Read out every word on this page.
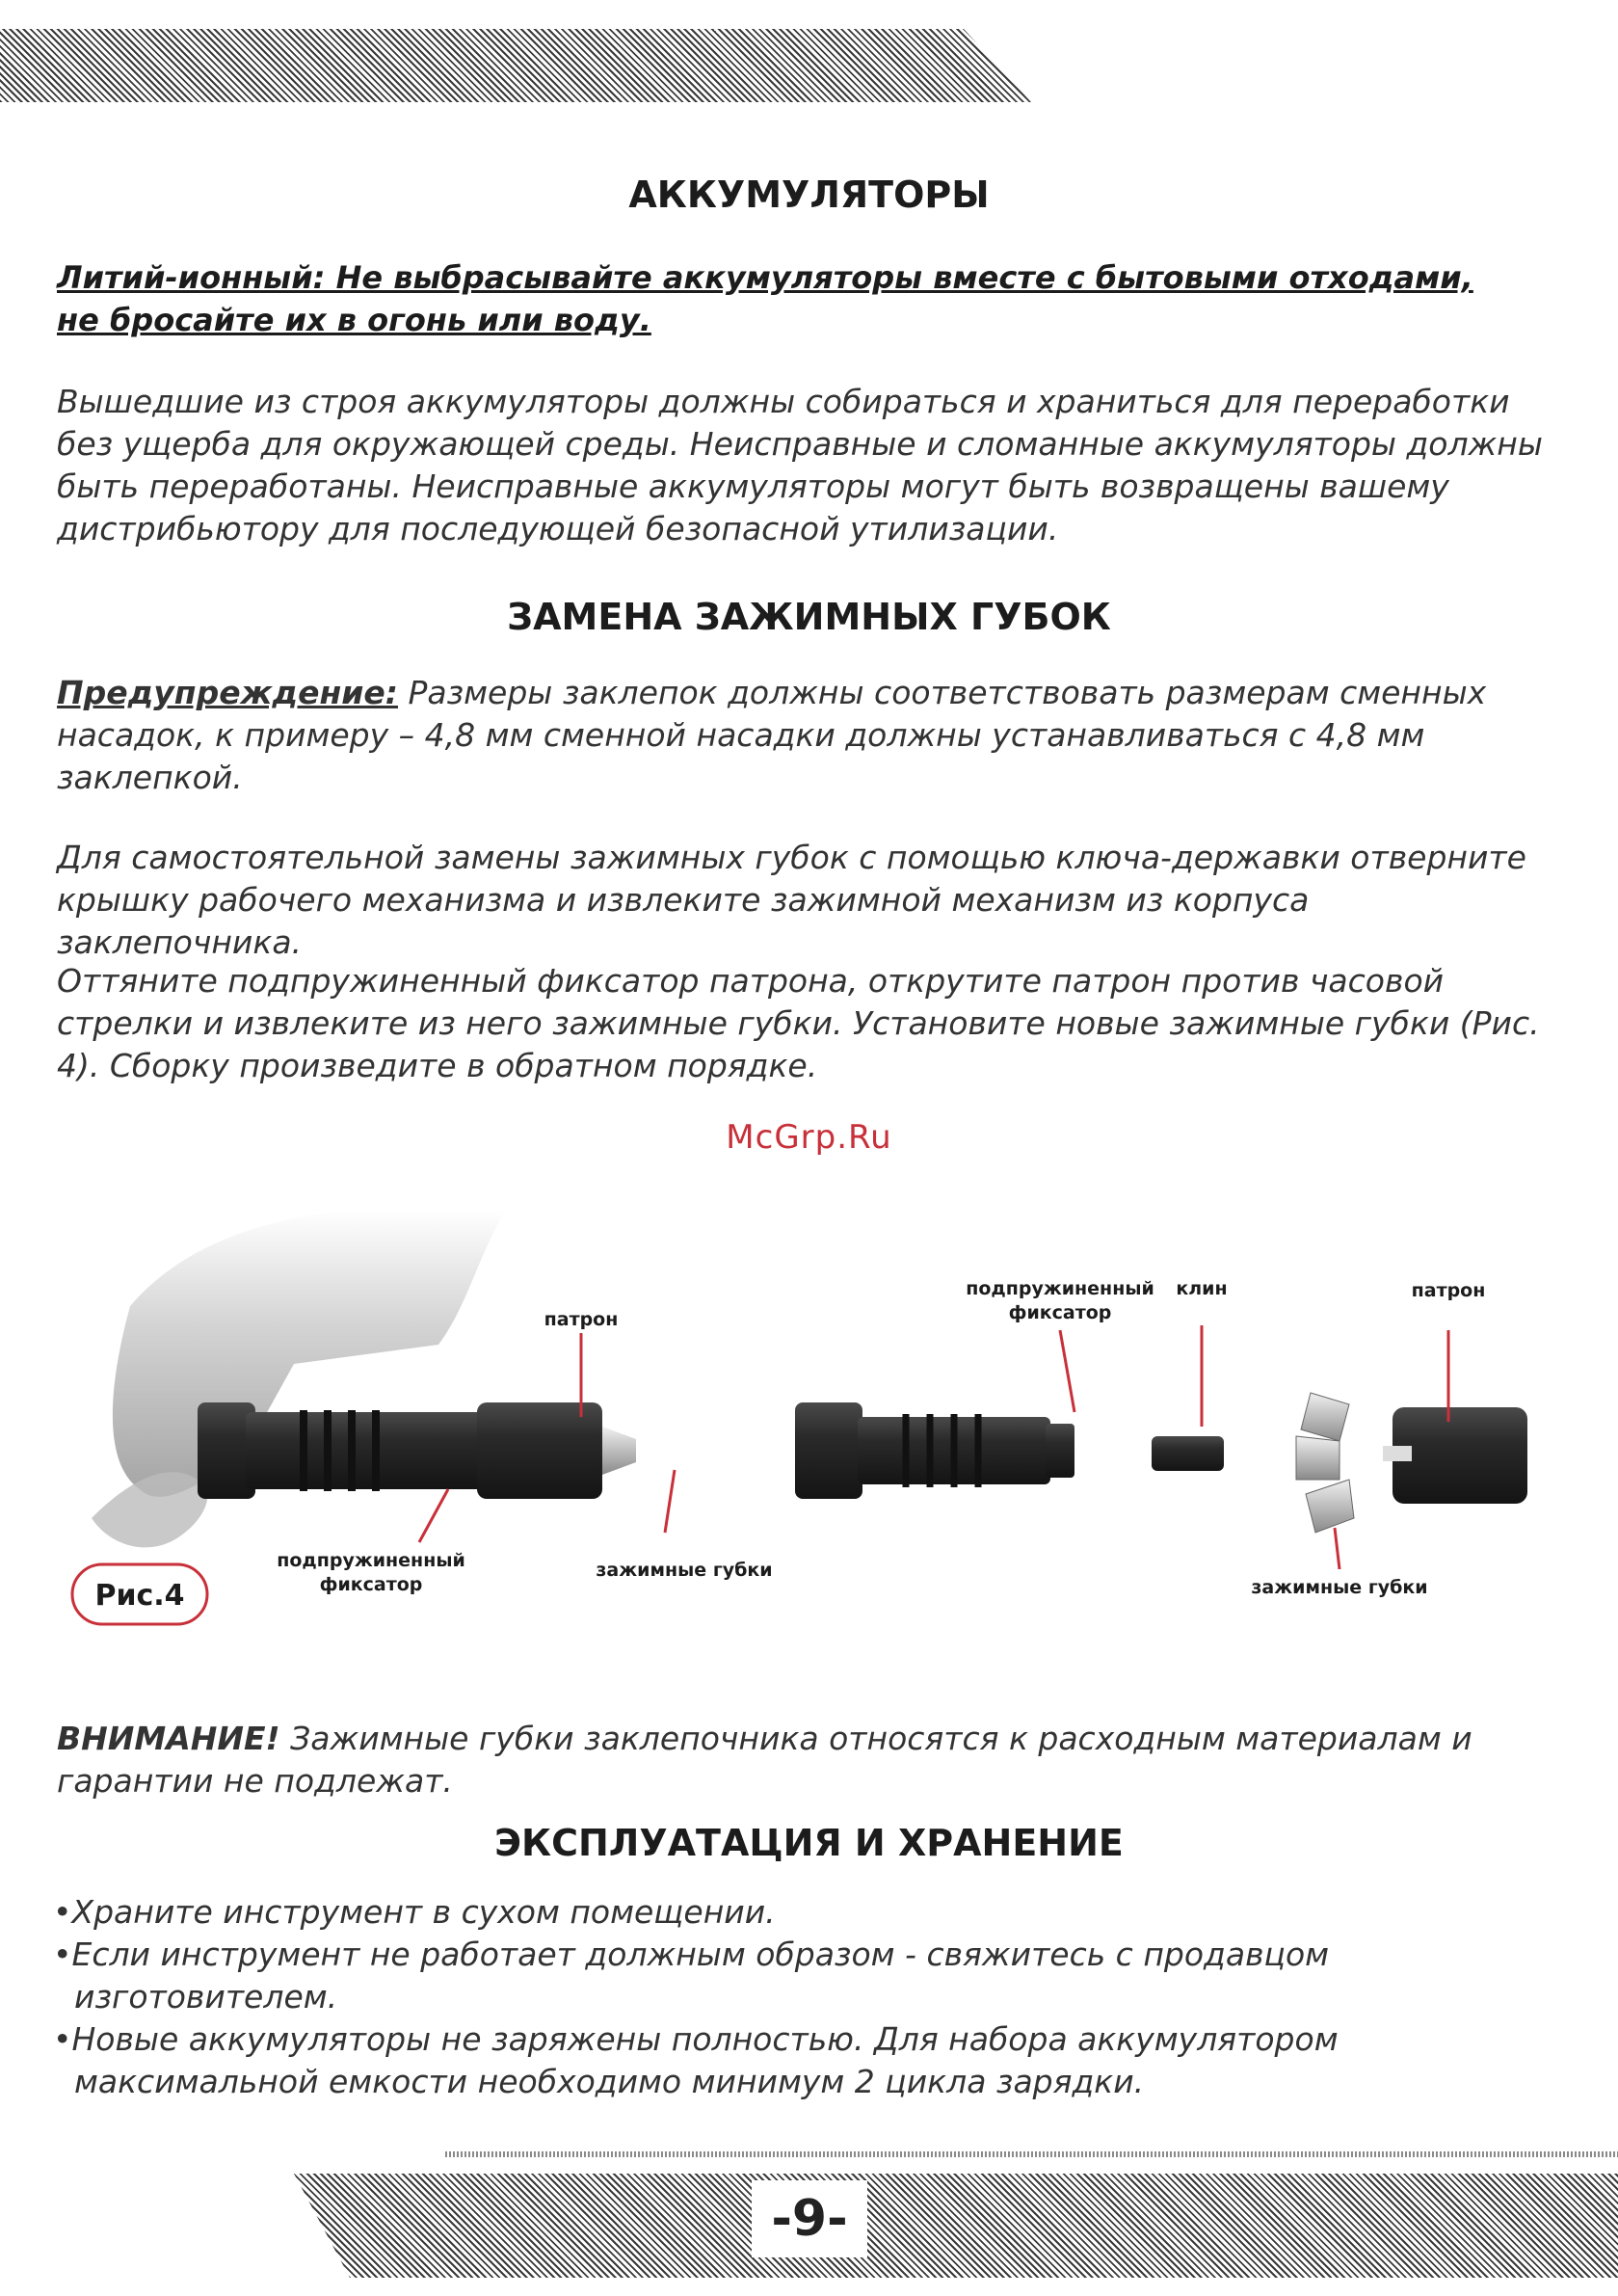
АККУМУЛЯТОРЫ

Литий-ионный: Не выбрасывайте аккумуляторы вместе с бытовыми отходами,
не бросайте их в огонь или воду.

Вышедшие из строя аккумуляторы должны собираться и храниться для переработки без ущерба для окружающей среды. Неисправные и сломанные аккумуляторы должны быть переработаны. Неисправные аккумуляторы могут быть возвращены вашему дистрибьютору для последующей безопасной утилизации.

ЗАМЕНА ЗАЖИМНЫХ ГУБОК

Предупреждение: Размеры заклепок должны соответствовать размерам сменных насадок, к примеру – 4,8 мм сменной насадки должны устанавливаться с 4,8 мм заклепкой.

Для самостоятельной замены зажимных губок с помощью ключа-державки отверните крышку рабочего механизма и извлеките зажимной механизм из корпуса заклепочника.

Оттяните подпружиненный фиксатор патрона, открутите патрон против часовой стрелки и извлеките из него зажимные губки. Установите новые зажимные губки (Рис. 4). Сборку произведите в обратном порядке.

McGrp.Ru
патрон
подпружиненный
фиксатор
зажимные губки
подпружиненный
фиксатор
клин	патрон
зажимные губки
Рис.4

ВНИМАНИЕ! Зажимные губки заклепочника относятся к расходным материалам и гарантии не подлежат.

ЭКСПЛУАТАЦИЯ И ХРАНЕНИЕ
•Храните инструмент в сухом помещении.
•Если инструмент не работает должным образом - свяжитесь с продавцом изготовителем.
•Новые аккумуляторы не заряжены полностью. Для набора аккумулятором максимальной емкости необходимо минимум 2 цикла зарядки.
-9-
